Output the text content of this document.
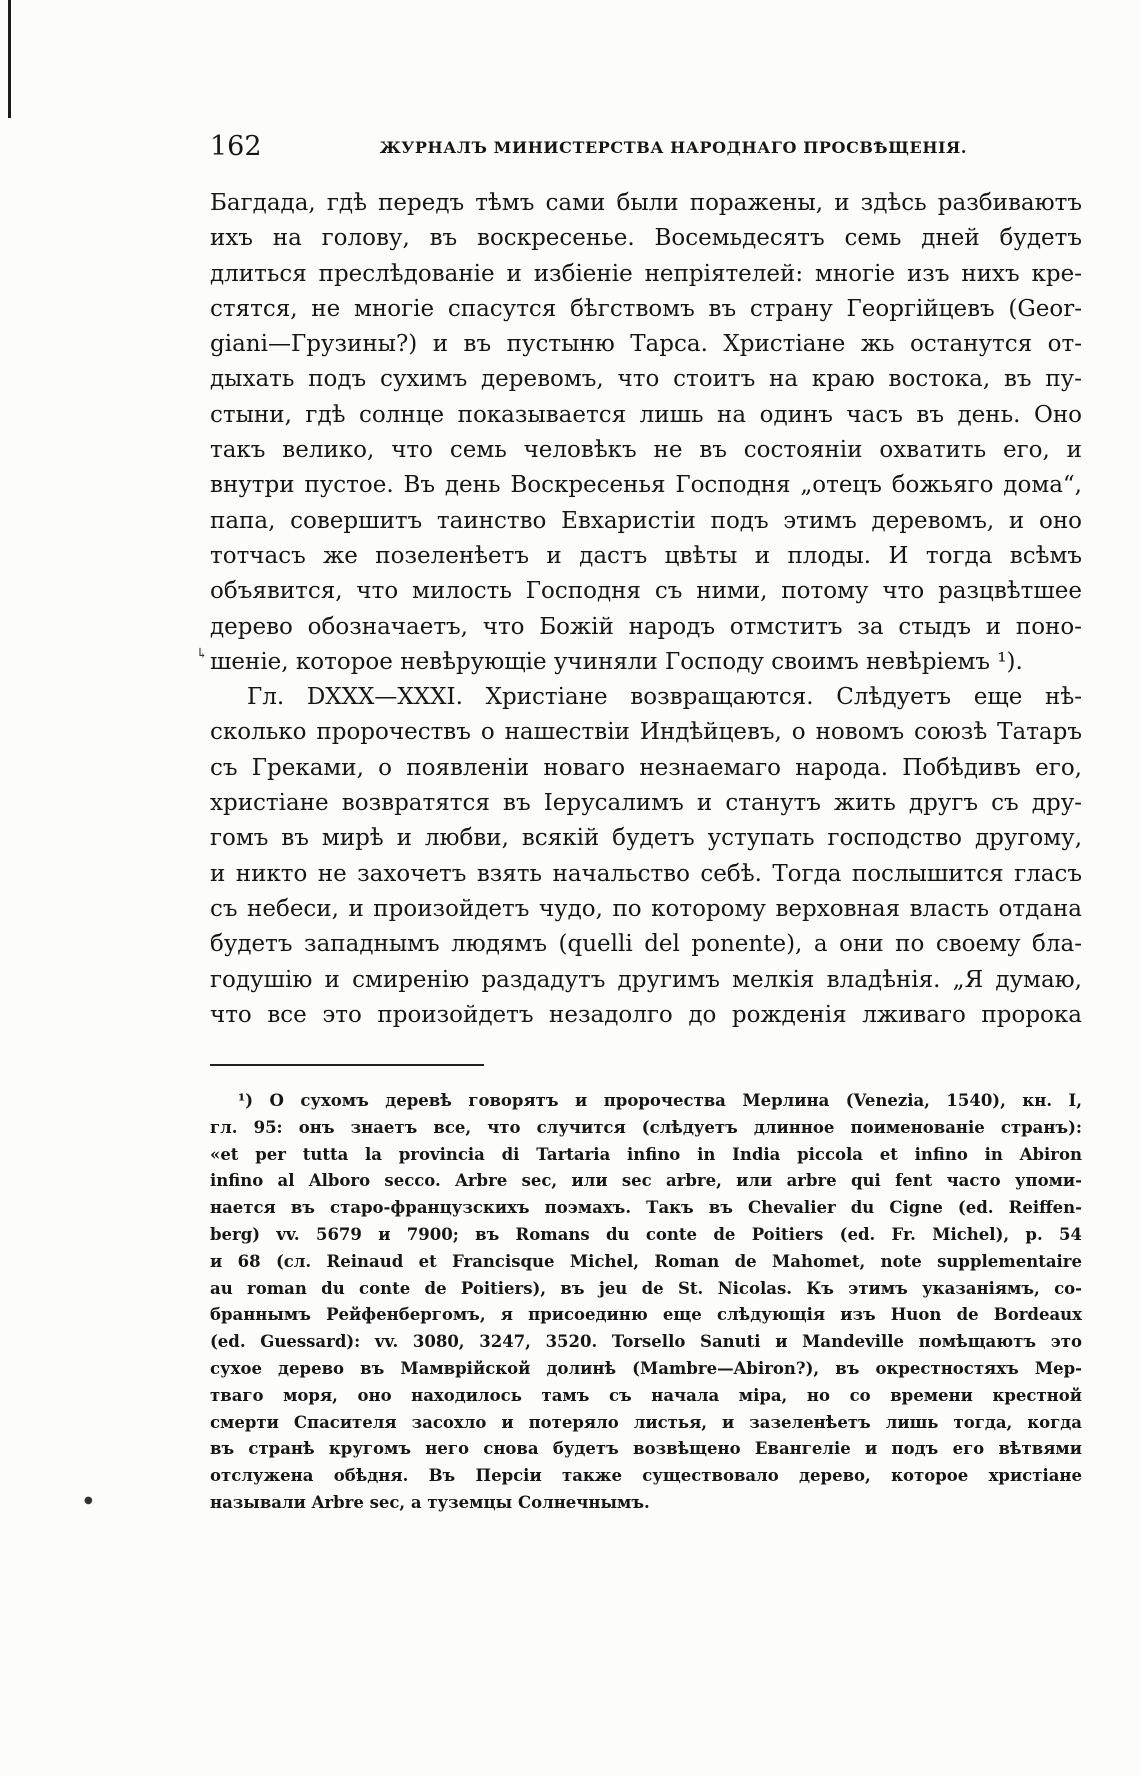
162	ЖУРНАЛЪ МИНИСТЕРСТВА НАРОДНАГО ПРОСВѢЩЕНІЯ.
Багдада, гдѣ передъ тѣмъ сами были поражены, и здѣсь разбиваютъ
ихъ на голову, въ воскресенье. Восемьдесятъ семь дней будетъ
длиться преслѣдованіе и избіеніе непріятелей: многіе изъ нихъ кре-
стятся, не многіе спасутся бѣгствомъ въ страну Георгійцевъ (Geor-
giani—Грузины?) и въ пустыню Тарса. Христіане жь останутся от-
дыхать подъ сухимъ деревомъ, что стоитъ на краю востока, въ пу-
стыни, гдѣ солнце показывается лишь на одинъ часъ въ день. Оно
такъ велико, что семь человѣкъ не въ состояніи охватить его, и
внутри пустое. Въ день Воскресенья Господня „отецъ божьяго дома“,
папа, совершитъ таинство Евхаристіи подъ этимъ деревомъ, и оно
тотчасъ же позеленѣетъ и дастъ цвѣты и плоды. И тогда всѣмъ
объявится, что милость Господня съ ними, потому что разцвѣтшее
дерево обозначаетъ, что Божій народъ отмститъ за стыдъ и поно-
шеніе, которое невѣрующіе учиняли Господу своимъ невѣріемъ ¹).
Гл. DXXX—XXXI. Христіане возвращаются. Слѣдуетъ еще нѣ-
сколько пророчествъ о нашествіи Индѣйцевъ, о новомъ союзѣ Татаръ
съ Греками, о появленіи новаго незнаемаго народа. Побѣдивъ его,
христіане возвратятся въ Іерусалимъ и станутъ жить другъ съ дру-
гомъ въ мирѣ и любви, всякій будетъ уступать господство другому,
и никто не захочетъ взять начальство себѣ. Тогда послышится гласъ
съ небеси, и произойдетъ чудо, по которому верховная власть отдана
будетъ западнымъ людямъ (quelli del ponente), а они по своему бла-
годушію и смиренію раздадутъ другимъ мелкія владѣнія. „Я думаю,
что все это произойдетъ незадолго до рожденія лживаго пророка
¹) О сухомъ деревѣ говорятъ и пророчества Мерлина (Venezia, 1540), кн. I,
гл. 95: онъ знаетъ все, что случится (слѣдуетъ длинное поименованіе странъ):
«et per tutta la provincia di Tartaria infino in India piccola et infino in Abiron
infino al Alboro secco. Arbre sec, или sec arbre, или arbre qui fent часто упоми-
нается въ старо-французскихъ поэмахъ. Такъ въ Chevalier du Cigne (ed. Reiffen-
berg) vv. 5679 и 7900; въ Romans du conte de Poitiers (ed. Fr. Michel), p. 54
и 68 (сл. Reinaud et Francisque Michel, Roman de Mahomet, note supplementaire
au roman du conte de Poitiers), въ jeu de St. Nicolas. Къ этимъ указаніямъ, со-
браннымъ Рейфенбергомъ, я присоединю еще слѣдующія изъ Huon de Bordeaux
(ed. Guessard): vv. 3080, 3247, 3520. Torsello Sanuti и Mandeville помѣщаютъ это
сухое дерево въ Мамврійской долинѣ (Mambre—Abiron?), въ окрестностяхъ Мер-
тваго моря, оно находилось тамъ съ начала міра, но со времени крестной
смерти Спасителя засохло и потеряло листья, и зазеленѣетъ лишь тогда, когда
въ странѣ кругомъ него снова будетъ возвѣщено Евангеліе и подъ его вѣтвями
отслужена обѣдня. Въ Персіи также существовало дерево, которое христіане
называли Arbre sec, а туземцы Солнечнымъ.
↳
●
